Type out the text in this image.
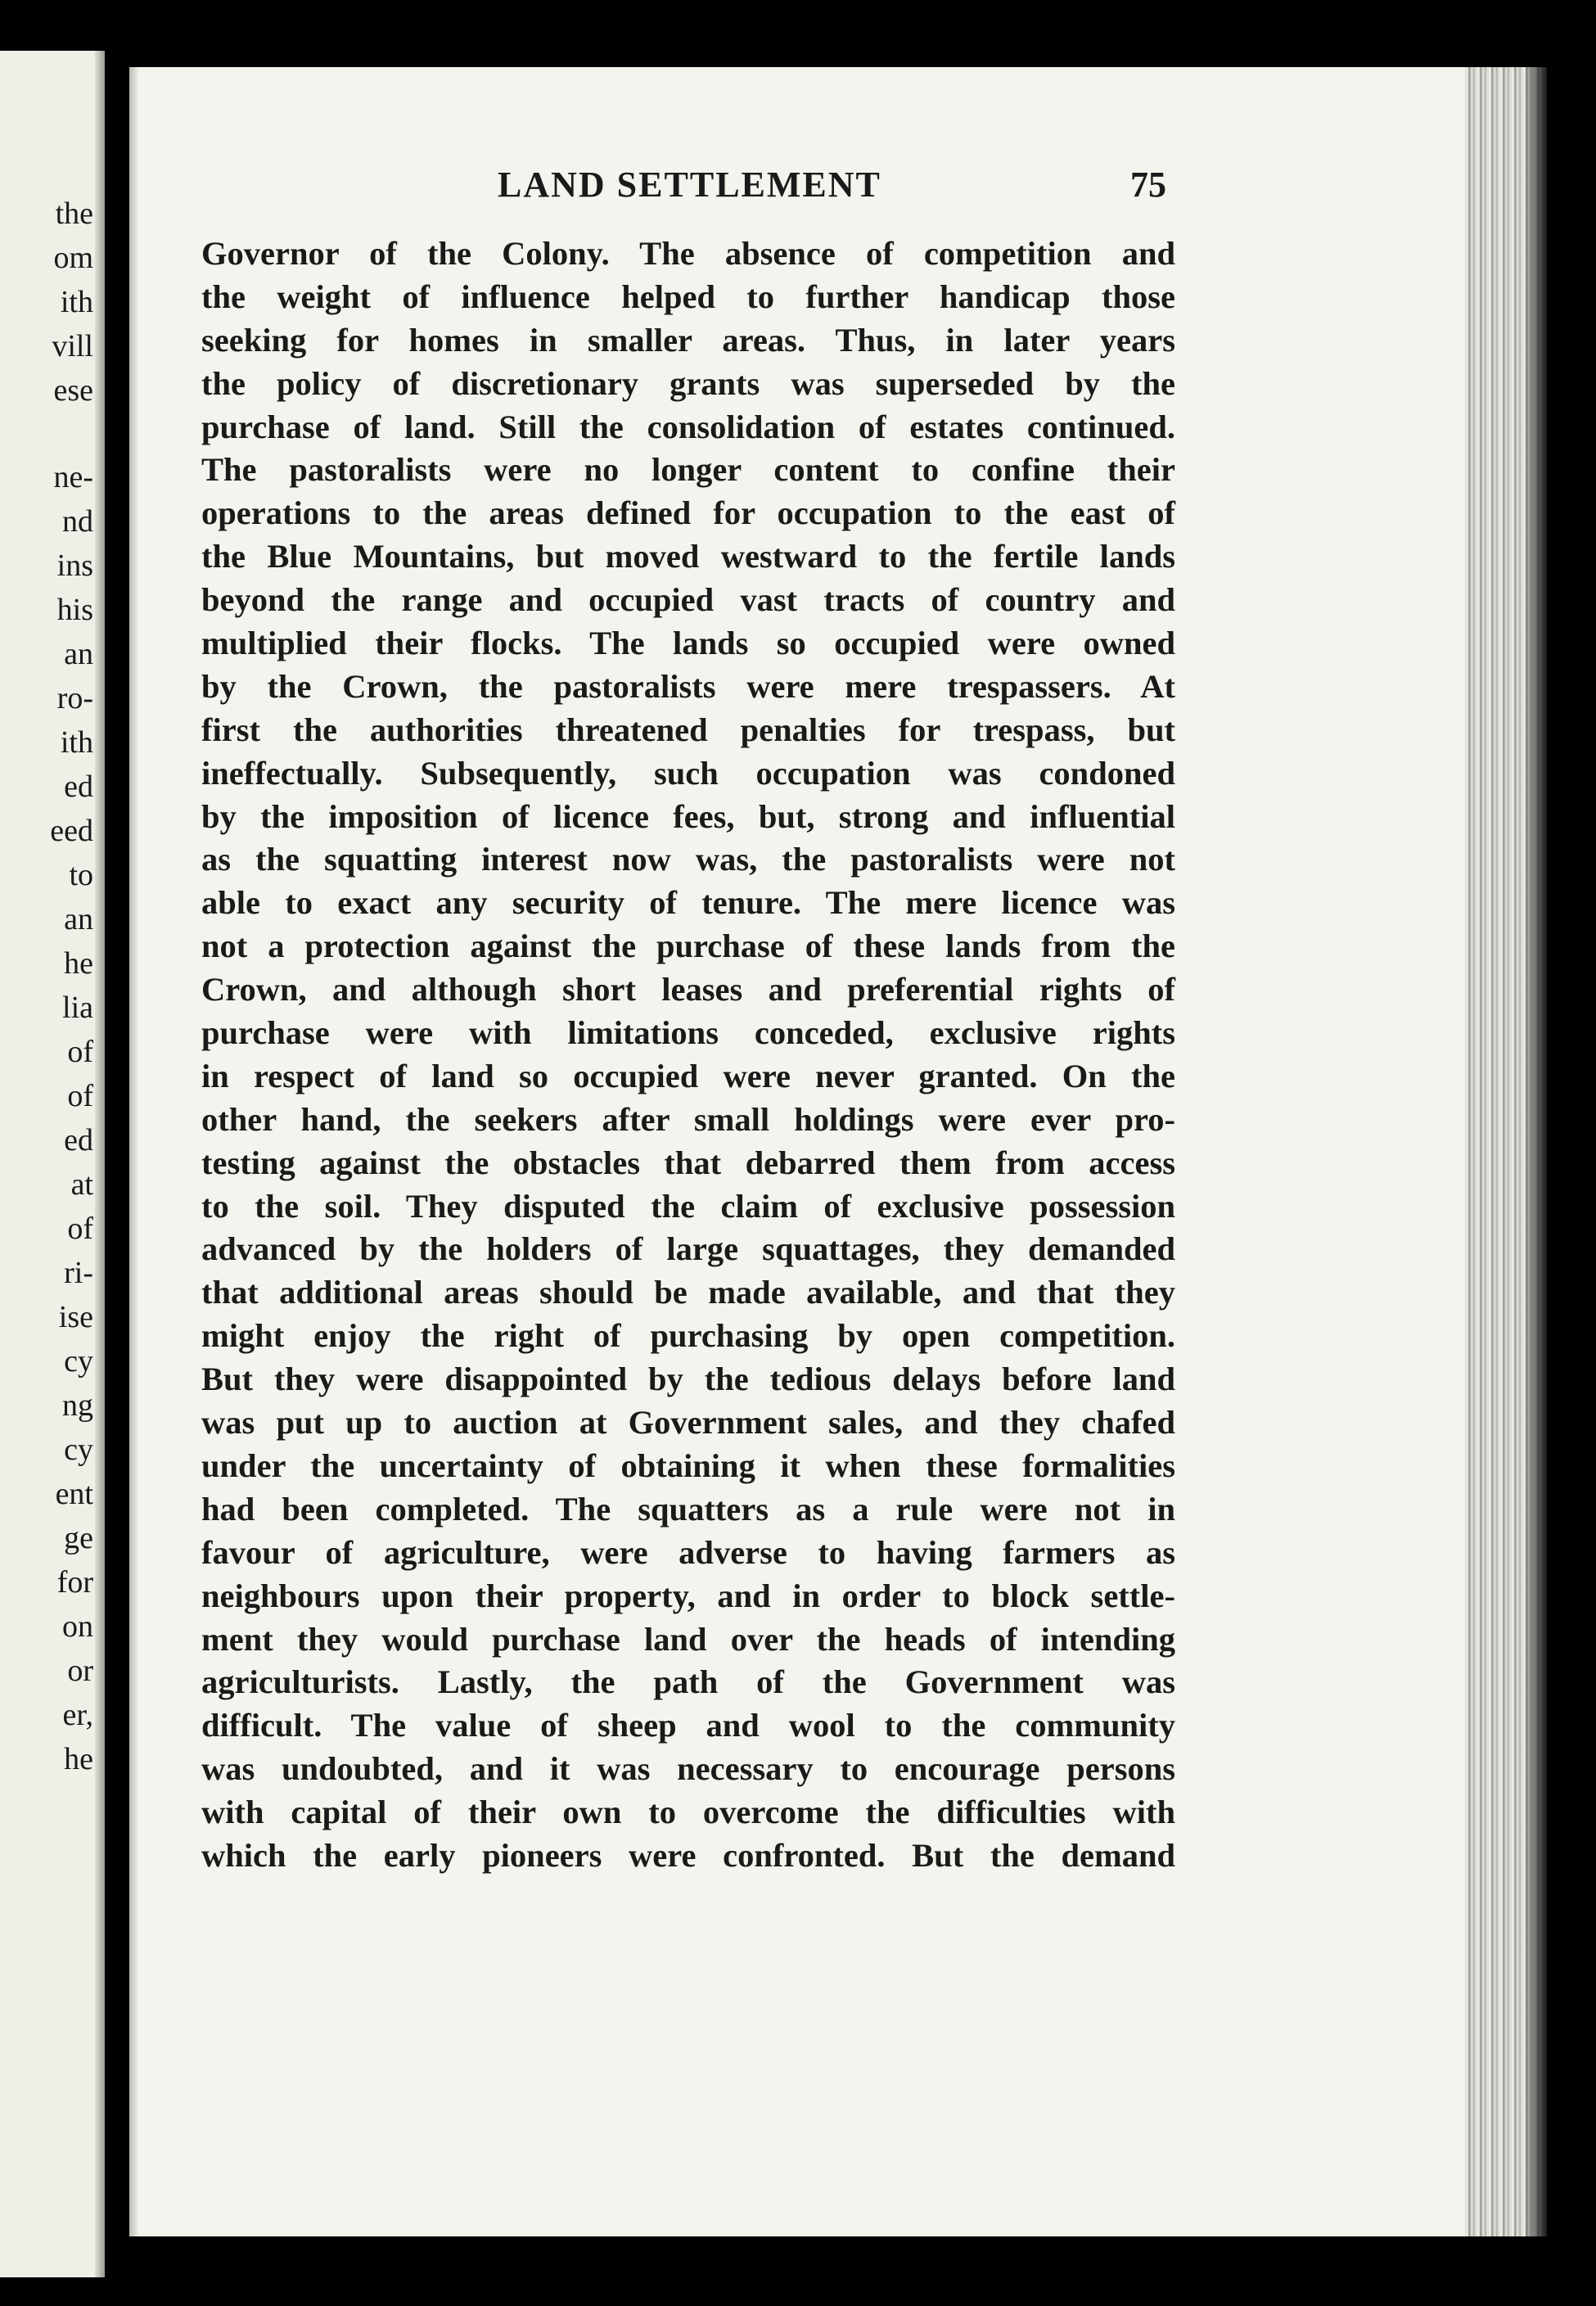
the
om
ith
vill
ese
ne-
nd
ins
his
an
ro-
ith
ed
eed
to
an
he
lia
of
of
ed
at
of
ri-
ise
cy
ng
cy
ent
ge
for
on
or
er,
he
LAND SETTLEMENT	75
Governor of the Colony. The absence of competition and
the weight of influence helped to further handicap those
seeking for homes in smaller areas. Thus, in later years
the policy of discretionary grants was superseded by the
purchase of land. Still the consolidation of estates continued.
The pastoralists were no longer content to confine their
operations to the areas defined for occupation to the east of
the Blue Mountains, but moved westward to the fertile lands
beyond the range and occupied vast tracts of country and
multiplied their flocks. The lands so occupied were owned
by the Crown, the pastoralists were mere trespassers. At
first the authorities threatened penalties for trespass, but
ineffectually. Subsequently, such occupation was condoned
by the imposition of licence fees, but, strong and influential
as the squatting interest now was, the pastoralists were not
able to exact any security of tenure. The mere licence was
not a protection against the purchase of these lands from the
Crown, and although short leases and preferential rights of
purchase were with limitations conceded, exclusive rights
in respect of land so occupied were never granted. On the
other hand, the seekers after small holdings were ever pro-
testing against the obstacles that debarred them from access
to the soil. They disputed the claim of exclusive possession
advanced by the holders of large squattages, they demanded
that additional areas should be made available, and that they
might enjoy the right of purchasing by open competition.
But they were disappointed by the tedious delays before land
was put up to auction at Government sales, and they chafed
under the uncertainty of obtaining it when these formalities
had been completed. The squatters as a rule were not in
favour of agriculture, were adverse to having farmers as
neighbours upon their property, and in order to block settle-
ment they would purchase land over the heads of intending
agriculturists. Lastly, the path of the Government was
difficult. The value of sheep and wool to the community
was undoubted, and it was necessary to encourage persons
with capital of their own to overcome the difficulties with
which the early pioneers were confronted. But the demand
